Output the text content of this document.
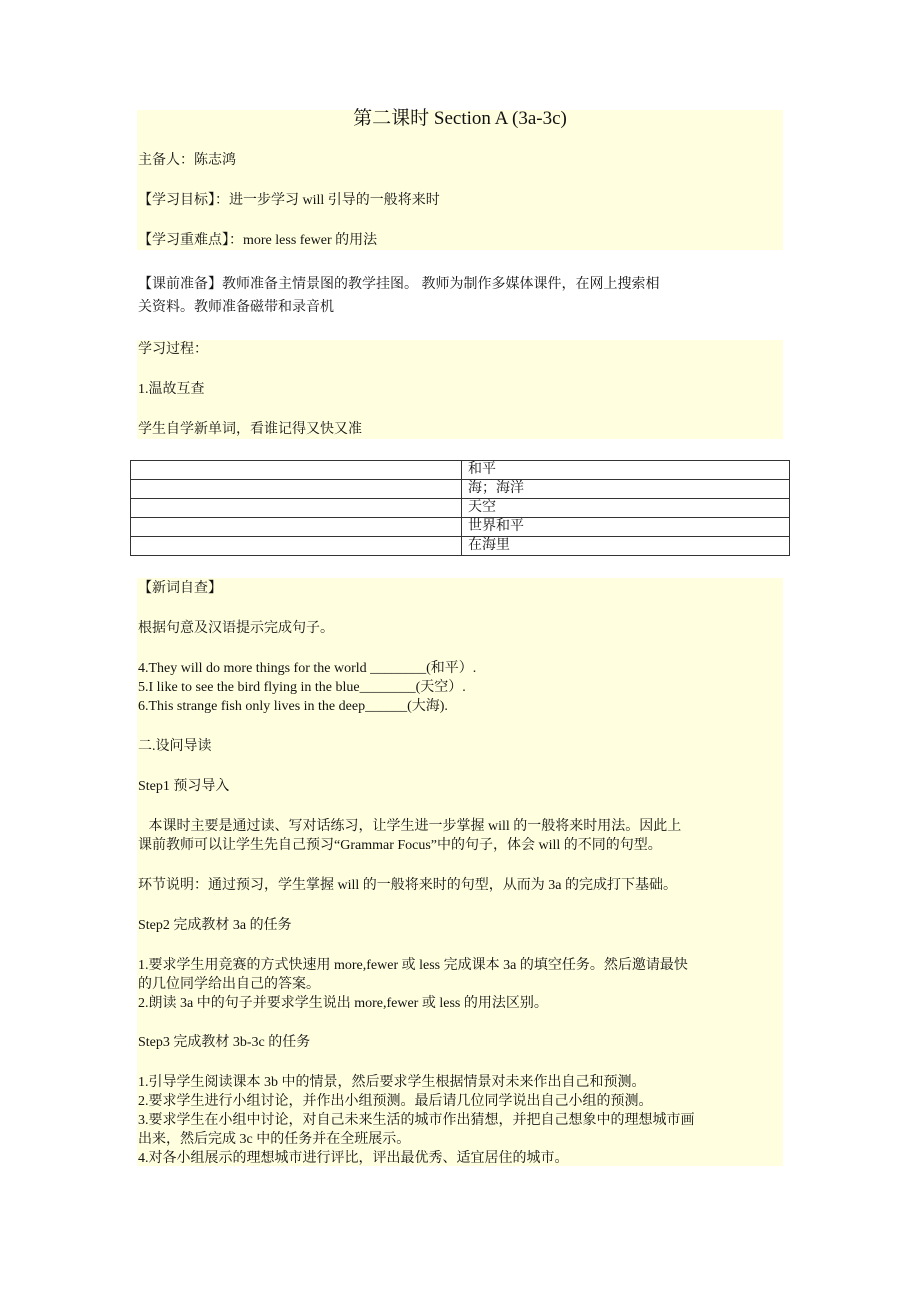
第二课时 Section A (3a-3c)
主备人：陈志鸿
【学习目标】：进一步学习 will 引导的一般将来时
【学习重难点】：more less fewer 的用法
【课前准备】教师准备主情景图的教学挂图。 教师为制作多媒体课件，在网上搜索相
关资料。教师准备磁带和录音机
学习过程：
1.温故互查
学生自学新单词，看谁记得又快又准
	和平
	海；海洋
	天空
	世界和平
	在海里
【新词自查】
根据句意及汉语提示完成句子。
4.They will do more things for the world ________(和平）.
5.I like to see the bird flying in the blue________(天空）.
6.This strange fish only lives in the deep______(大海).
二.设问导读
Step1 预习导入
本课时主要是通过读、写对话练习，让学生进一步掌握 will 的一般将来时用法。因此上
课前教师可以让学生先自己预习“Grammar Focus”中的句子，体会 will 的不同的句型。
环节说明：通过预习，学生掌握 will 的一般将来时的句型，从而为 3a 的完成打下基础。
Step2 完成教材 3a 的任务
1.要求学生用竞赛的方式快速用 more,fewer 或 less 完成课本 3a 的填空任务。然后邀请最快
的几位同学给出自己的答案。
2.朗读 3a 中的句子并要求学生说出 more,fewer 或 less 的用法区别。
Step3 完成教材 3b-3c 的任务
1.引导学生阅读课本 3b 中的情景，然后要求学生根据情景对未来作出自己和预测。
2.要求学生进行小组讨论，并作出小组预测。最后请几位同学说出自己小组的预测。
3.要求学生在小组中讨论，对自己未来生活的城市作出猜想，并把自己想象中的理想城市画
出来，然后完成 3c 中的任务并在全班展示。
4.对各小组展示的理想城市进行评比，评出最优秀、适宜居住的城市。
